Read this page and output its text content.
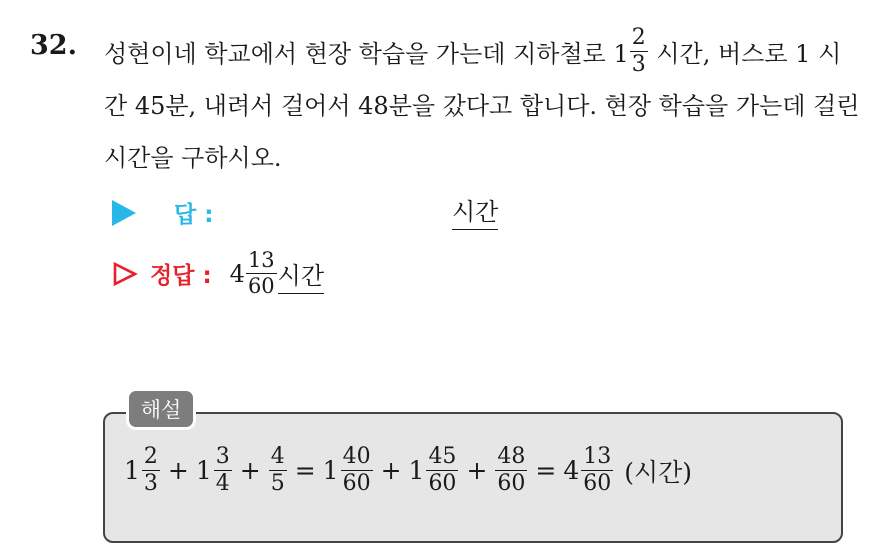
32. 성현이네 학교에서 현장 학습을 가는데 지하철로 $1 \frac{2}{3}$ 시간, 버스로 1 시간 45분, 내려서 걸어서 48분을 갔다고 합니다. 현장 학습을 가는데 걸린 시간을 구하시오.
답 :	시간
정답 : $4 \frac{13}{60}$ 시간
해설
$1 \frac{2}{3} + 1 \frac{3}{4} + \frac{4}{5} = 1 \frac{40}{60} + 1 \frac{45}{60} + \frac{48}{60} = 4 \frac{13}{60}$ (시간)
